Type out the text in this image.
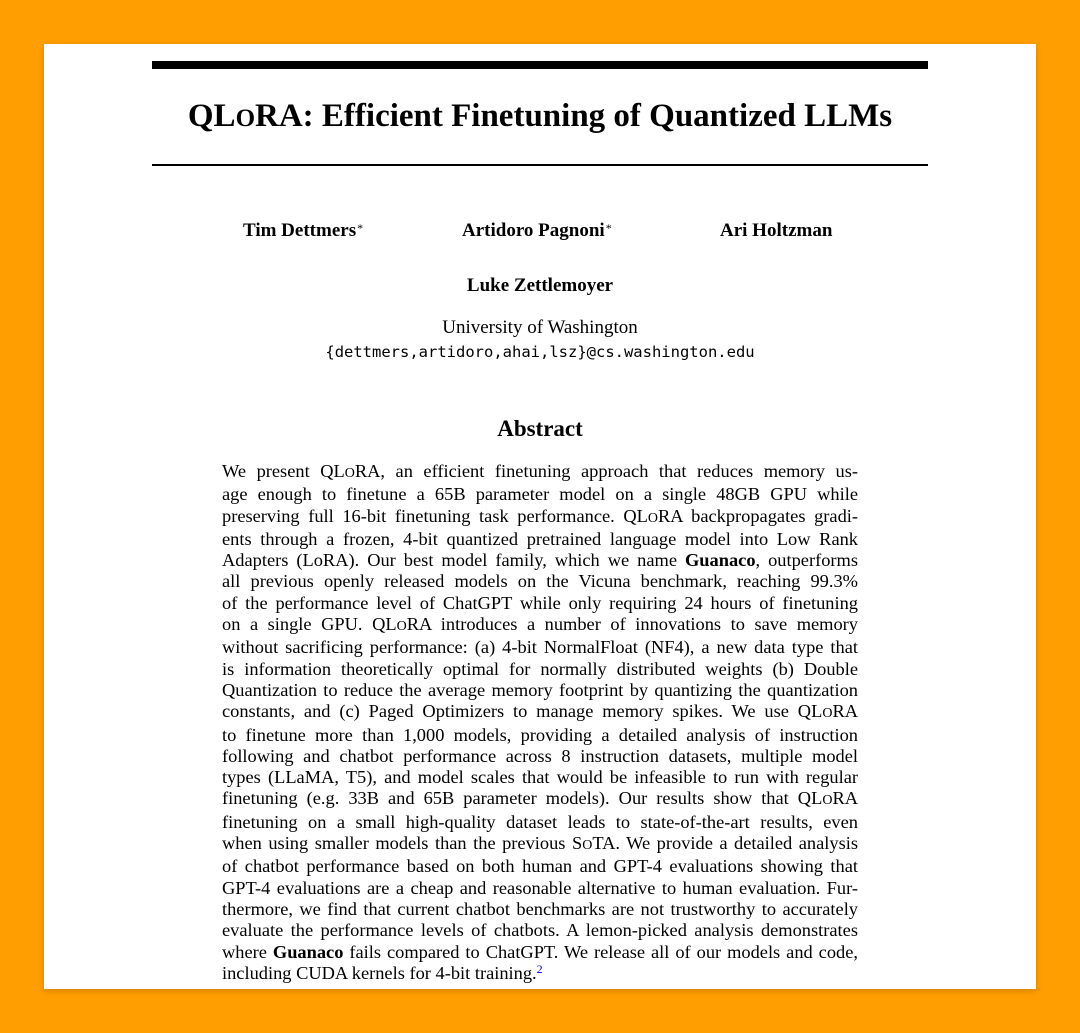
QLORA: Efficient Finetuning of Quantized LLMs
Tim Dettmers*	Artidoro Pagnoni*	Ari Holtzman
Luke Zettlemoyer
University of Washington
{dettmers,artidoro,ahai,lsz}@cs.washington.edu
Abstract
We present QLORA, an efficient finetuning approach that reduces memory us-
age enough to finetune a 65B parameter model on a single 48GB GPU while
preserving full 16-bit finetuning task performance. QLORA backpropagates gradi-
ents through a frozen, 4-bit quantized pretrained language model into Low Rank
Adapters (LoRA). Our best model family, which we name Guanaco, outperforms
all previous openly released models on the Vicuna benchmark, reaching 99.3%
of the performance level of ChatGPT while only requiring 24 hours of finetuning
on a single GPU. QLORA introduces a number of innovations to save memory
without sacrificing performance: (a) 4-bit NormalFloat (NF4), a new data type that
is information theoretically optimal for normally distributed weights (b) Double
Quantization to reduce the average memory footprint by quantizing the quantization
constants, and (c) Paged Optimizers to manage memory spikes. We use QLORA
to finetune more than 1,000 models, providing a detailed analysis of instruction
following and chatbot performance across 8 instruction datasets, multiple model
types (LLaMA, T5), and model scales that would be infeasible to run with regular
finetuning (e.g. 33B and 65B parameter models). Our results show that QLORA
finetuning on a small high-quality dataset leads to state-of-the-art results, even
when using smaller models than the previous SOTA. We provide a detailed analysis
of chatbot performance based on both human and GPT-4 evaluations showing that
GPT-4 evaluations are a cheap and reasonable alternative to human evaluation. Fur-
thermore, we find that current chatbot benchmarks are not trustworthy to accurately
evaluate the performance levels of chatbots. A lemon-picked analysis demonstrates
where Guanaco fails compared to ChatGPT. We release all of our models and code,
including CUDA kernels for 4-bit training.$^2$
